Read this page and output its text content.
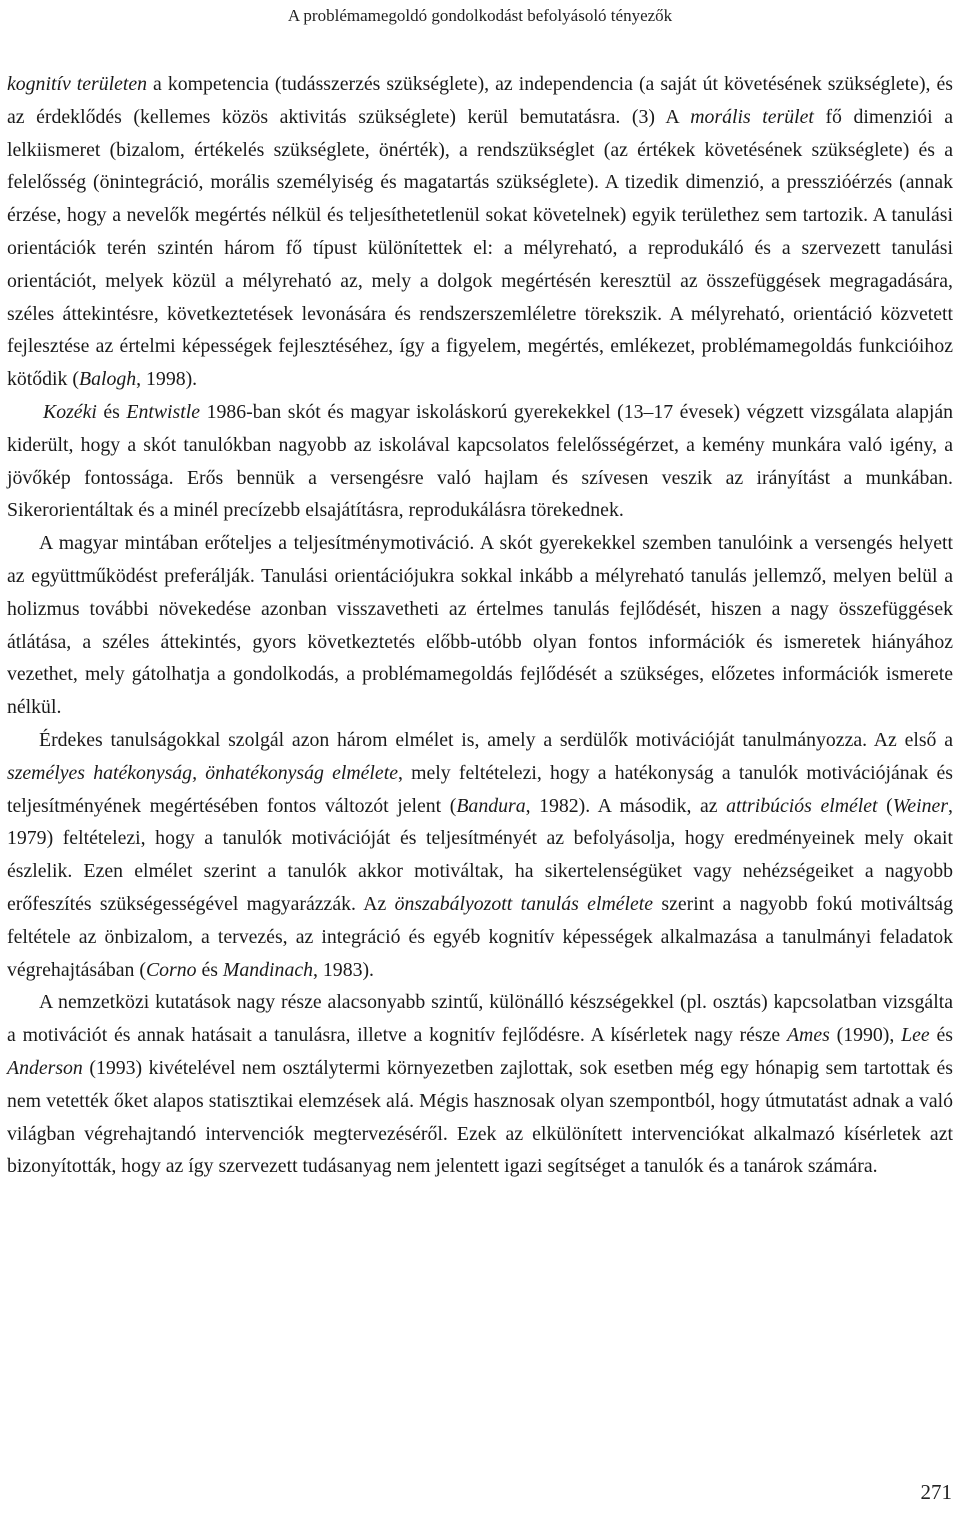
A problémamegoldó gondolkodást befolyásoló tényezők

kognitív területen a kompetencia (tudásszerzés szükséglete), az independencia (a saját út követésének szükséglete), és az érdeklődés (kellemes közös aktivitás szükséglete) kerül bemutatásra. (3) A morális terület fő dimenziói a lelkiismeret (bizalom, értékelés szükséglete, önérték), a rendszükséglet (az értékek követésének szükséglete) és a felelősség (önintegráció, morális személyiség és magatartás szükséglete). A tizedik dimenzió, a presszióérzés (annak érzése, hogy a nevelők megértés nélkül és teljesíthetetlenül sokat követelnek) egyik területhez sem tartozik. A tanulási orientációk terén szintén három fő típust különítettek el: a mélyreható, a reprodukáló és a szervezett tanulási orientációt, melyek közül a mélyreható az, mely a dolgok megértésén keresztül az összefüggések megragadására, széles áttekintésre, következtetések levonására és rendszerszemléletre törekszik. A mélyreható, orientáció közvetett fejlesztése az értelmi képességek fejlesztéséhez, így a figyelem, megértés, emlékezet, problémamegoldás funkcióihoz kötődik (Balogh, 1998).

Kozéki és Entwistle 1986-ban skót és magyar iskoláskorú gyerekekkel (13–17 évesek) végzett vizsgálata alapján kiderült, hogy a skót tanulókban nagyobb az iskolával kapcsolatos felelősségérzet, a kemény munkára való igény, a jövőkép fontossága. Erős bennük a versengésre való hajlam és szívesen veszik az irányítást a munkában. Sikerorientáltak és a minél precízebb elsajátításra, reprodukálásra törekednek.

A magyar mintában erőteljes a teljesítménymotiváció. A skót gyerekekkel szemben tanulóink a versengés helyett az együttműködést preferálják. Tanulási orientációjukra sokkal inkább a mélyreható tanulás jellemző, melyen belül a holizmus további növekedése azonban visszavetheti az értelmes tanulás fejlődését, hiszen a nagy összefüggések átlátása, a széles áttekintés, gyors következtetés előbb-utóbb olyan fontos információk és ismeretek hiányához vezethet, mely gátolhatja a gondolkodás, a problémamegoldás fejlődését a szükséges, előzetes információk ismerete nélkül.

Érdekes tanulságokkal szolgál azon három elmélet is, amely a serdülők motivációját tanulmányozza. Az első a személyes hatékonyság, önhatékonyság elmélete, mely feltételezi, hogy a hatékonyság a tanulók motivációjának és teljesítményének megértésében fontos változót jelent (Bandura, 1982). A második, az attribúciós elmélet (Weiner, 1979) feltételezi, hogy a tanulók motivációját és teljesítményét az befolyásolja, hogy eredményeinek mely okait észlelik. Ezen elmélet szerint a tanulók akkor motiváltak, ha sikertelenségüket vagy nehézségeiket a nagyobb erőfeszítés szükségességével magyarázzák. Az önszabályozott tanulás elmélete szerint a nagyobb fokú motiváltság feltétele az önbizalom, a tervezés, az integráció és egyéb kognitív képességek alkalmazása a tanulmányi feladatok végrehajtásában (Corno és Mandinach, 1983).

A nemzetközi kutatások nagy része alacsonyabb szintű, különálló készségekkel (pl. osztás) kapcsolatban vizsgálta a motivációt és annak hatásait a tanulásra, illetve a kognitív fejlődésre. A kísérletek nagy része Ames (1990), Lee és Anderson (1993) kivételével nem osztálytermi környezetben zajlottak, sok esetben még egy hónapig sem tartottak és nem vetették őket alapos statisztikai elemzések alá. Mégis hasznosak olyan szempontból, hogy útmutatást adnak a való világban végrehajtandó intervenciók megtervezéséről. Ezek az elkülönített intervenciókat alkalmazó kísérletek azt bizonyították, hogy az így szervezett tudásanyag nem jelentett igazi segítséget a tanulók és a tanárok számára.

271
